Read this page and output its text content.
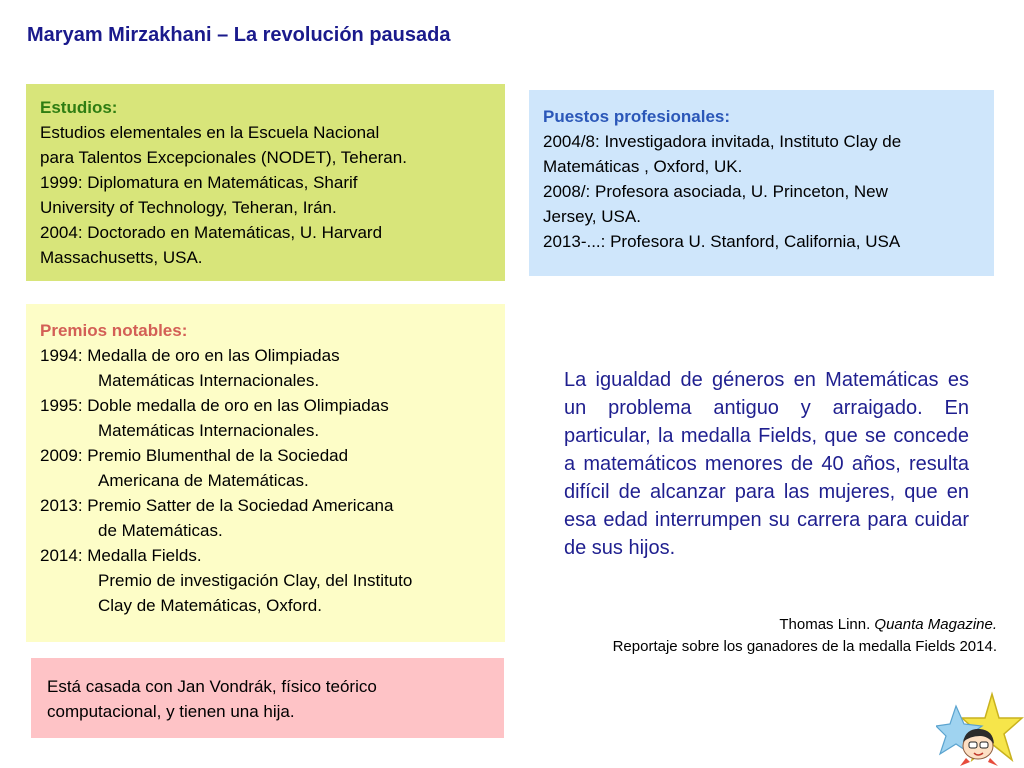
Maryam Mirzakhani – La revolución pausada
Estudios:
Estudios elementales en la Escuela Nacional
para Talentos Excepcionales (NODET), Teheran.
1999: Diplomatura en Matemáticas, Sharif
University of Technology, Teheran, Irán.
2004: Doctorado en Matemáticas, U. Harvard
Massachusetts, USA.
Puestos profesionales:
2004/8: Investigadora invitada, Instituto Clay de
Matemáticas , Oxford, UK.
2008/: Profesora asociada, U. Princeton, New
Jersey, USA.
2013-...: Profesora U. Stanford, California, USA
Premios notables:
1994: Medalla de oro en las Olimpiadas
Matemáticas Internacionales.
1995: Doble medalla de oro en las Olimpiadas
Matemáticas Internacionales.
2009: Premio Blumenthal de la Sociedad
Americana de Matemáticas.
2013: Premio Satter de la Sociedad Americana
de Matemáticas.
2014: Medalla Fields.
Premio de investigación Clay, del Instituto
Clay de Matemáticas, Oxford.
Está casada con Jan Vondrák, físico teórico
computacional, y tienen una hija.
La igualdad de géneros en Matemáticas es un problema antiguo y arraigado. En particular, la medalla Fields, que se concede a matemáticos menores de 40 años, resulta difícil de alcanzar para las mujeres, que en esa edad interrumpen su carrera para cuidar de sus hijos.
Thomas Linn. Quanta Magazine.
Reportaje sobre los ganadores de la medalla Fields 2014.
